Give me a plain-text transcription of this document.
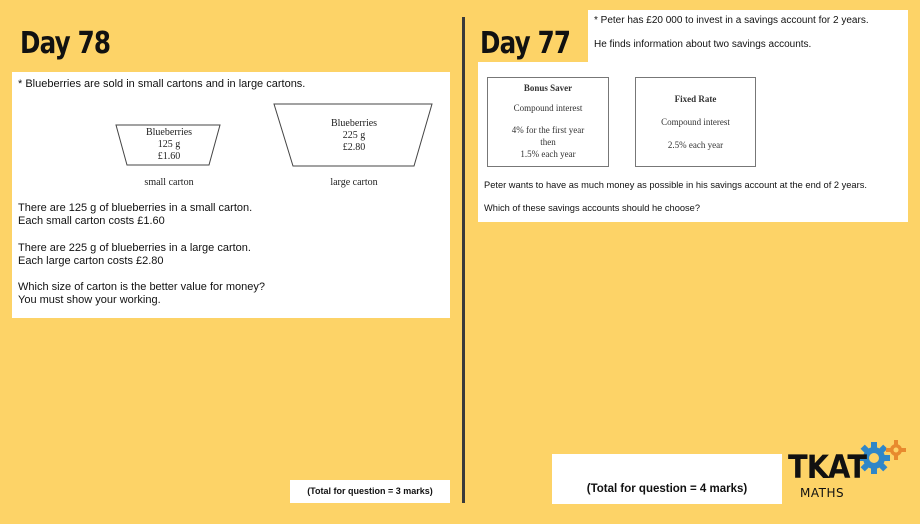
Day 78
* Blueberries are sold in small cartons and in large cartons.
Blueberries
125 g
£1.60
small carton
Blueberries
225 g
£2.80
large carton
There are 125 g of blueberries in a small carton.
Each small carton costs £1.60
There are 225 g of blueberries in a large carton.
Each large carton costs £2.80
Which size of carton is the better value for money?
You must show your working.
(Total for question = 3 marks)
Day 77
* Peter has £20 000 to invest in a savings account for 2 years.
He finds information about two savings accounts.
Bonus Saver
Compound interest
4% for the first year
then
1.5% each year
Fixed Rate
Compound interest
2.5% each year
Peter wants to have as much money as possible in his savings account at the end of 2 years.
Which of these savings accounts should he choose?
(Total for question = 4 marks)
TKAT
MATHS
